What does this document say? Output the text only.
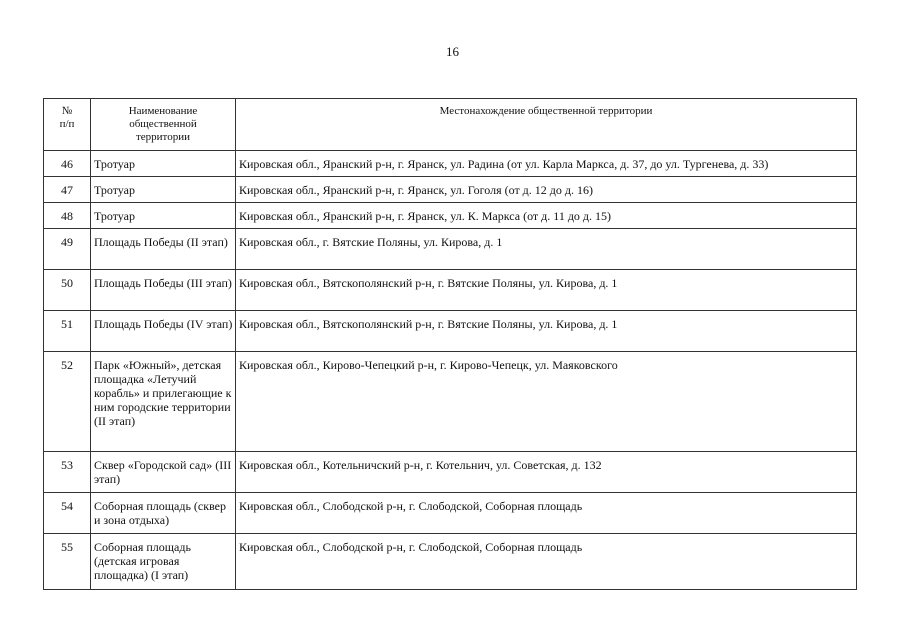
16
№ п/п	Наименование общественной территории	Местонахождение общественной территории
46	Тротуар	Кировская обл., Яранский р-н, г. Яранск, ул. Радина (от ул. Карла Маркса, д. 37, до ул. Тургенева, д. 33)
47	Тротуар	Кировская обл., Яранский р-н, г. Яранск, ул. Гоголя (от д. 12 до д. 16)
48	Тротуар	Кировская обл., Яранский р-н, г. Яранск, ул. К. Маркса (от д. 11 до д. 15)
49	Площадь Победы (II этап)	Кировская обл., г. Вятские Поляны, ул. Кирова, д. 1
50	Площадь Победы (III этап)	Кировская обл., Вятскополянский р-н, г. Вятские Поляны, ул. Кирова, д. 1
51	Площадь Победы (IV этап)	Кировская обл., Вятскополянский р-н, г. Вятские Поляны, ул. Кирова, д. 1
52	Парк «Южный», детская площадка «Летучий корабль» и прилегающие к ним городские территории (II этап)	Кировская обл., Кирово-Чепецкий р-н, г. Кирово-Чепецк, ул. Маяковского
53	Сквер «Городской сад» (III этап)	Кировская обл., Котельничский р-н, г. Котельнич, ул. Советская, д. 132
54	Соборная площадь (сквер и зона отдыха)	Кировская обл., Слободской р-н, г. Слободской, Соборная площадь
55	Соборная площадь (детская игровая площадка) (I этап)	Кировская обл., Слободской р-н, г. Слободской, Соборная площадь
